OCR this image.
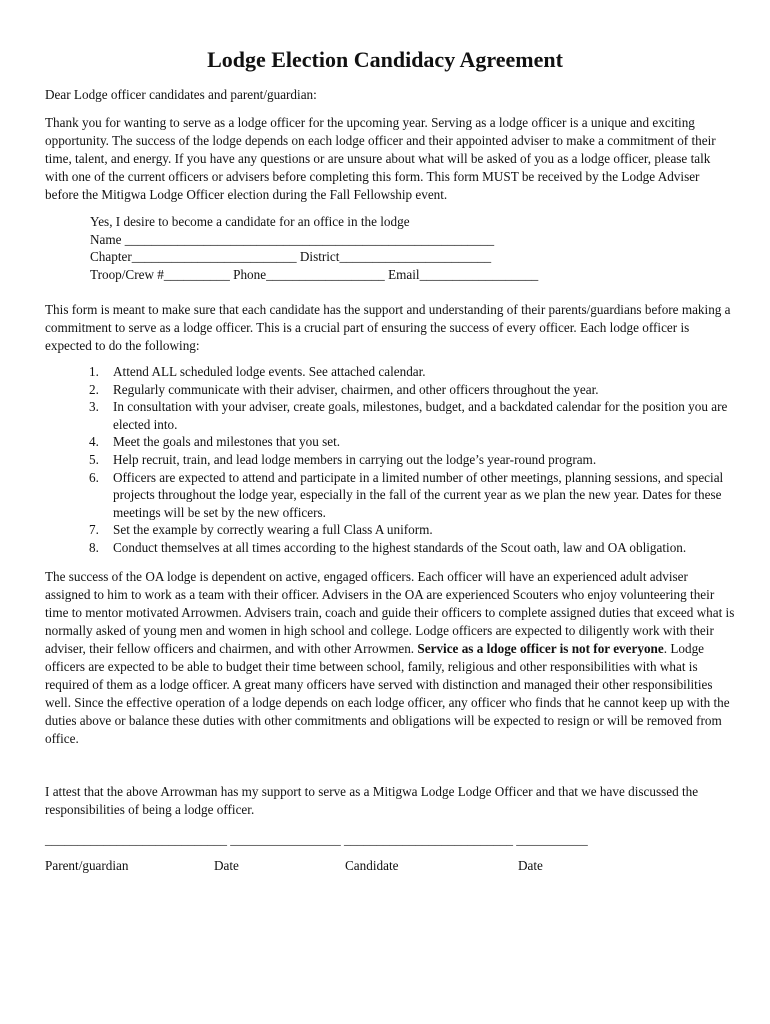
Lodge Election Candidacy Agreement

Dear Lodge officer candidates and parent/guardian:

Thank you for wanting to serve as a lodge officer for the upcoming year. Serving as a lodge officer is a unique and exciting opportunity. The success of the lodge depends on each lodge officer and their appointed adviser to make a commitment of their time, talent, and energy. If you have any questions or are unsure about what will be asked of you as a lodge officer, please talk with one of the current officers or advisers before completing this form. This form MUST be received by the Lodge Adviser before the Mitigwa Lodge Officer election during the Fall Fellowship event.

Yes, I desire to become a candidate for an office in the lodge
Name ________________________________________________________
Chapter_________________________ District_______________________
Troop/Crew #__________ Phone__________________ Email__________________

This form is meant to make sure that each candidate has the support and understanding of their parents/guardians before making a commitment to serve as a lodge officer. This is a crucial part of ensuring the success of every officer. Each lodge officer is expected to do the following:

1. Attend ALL scheduled lodge events. See attached calendar.
2. Regularly communicate with their adviser, chairmen, and other officers throughout the year.
3. In consultation with your adviser, create goals, milestones, budget, and a backdated calendar for the position you are elected into.
4. Meet the goals and milestones that you set.
5. Help recruit, train, and lead lodge members in carrying out the lodge’s year-round program.
6. Officers are expected to attend and participate in a limited number of other meetings, planning sessions, and special projects throughout the lodge year, especially in the fall of the current year as we plan the new year. Dates for these meetings will be set by the new officers.
7. Set the example by correctly wearing a full Class A uniform.
8. Conduct themselves at all times according to the highest standards of the Scout oath, law and OA obligation.

The success of the OA lodge is dependent on active, engaged officers. Each officer will have an experienced adult adviser assigned to him to work as a team with their officer. Advisers in the OA are experienced Scouters who enjoy volunteering their time to mentor motivated Arrowmen. Advisers train, coach and guide their officers to complete assigned duties that exceed what is normally asked of young men and women in high school and college. Lodge officers are expected to diligently work with their adviser, their fellow officers and chairmen, and with other Arrowmen. Service as a ldoge officer is not for everyone. Lodge officers are expected to be able to budget their time between school, family, religious and other responsibilities with what is required of them as a lodge officer. A great many officers have served with distinction and managed their other responsibilities well. Since the effective operation of a lodge depends on each lodge officer, any officer who finds that he cannot keep up with the duties above or balance these duties with other commitments and obligations will be expected to resign or will be removed from office.

I attest that the above Arrowman has my support to serve as a Mitigwa Lodge Lodge Officer and that we have discussed the responsibilities of being a lodge officer.

____________________________ _________________ __________________________ ___________
Parent/guardian	Date	Candidate	Date
